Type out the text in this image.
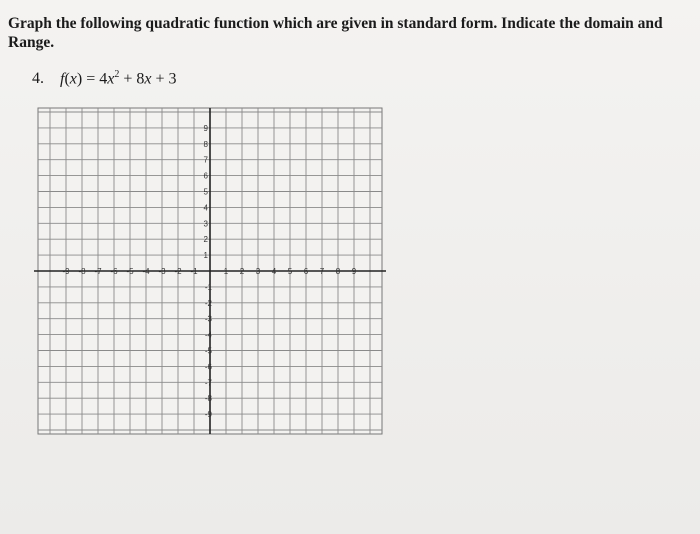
Graph the following quadratic function which are given in standard form. Indicate the domain and Range.
4. $f(x) = 4x^2 + 8x + 3$
-9 -8 -7 -6 -5 -4 -3 -2 -1	1 2 3 4 5 6 7 8 9
9
8
7
6
5
4
3
2
1
-1
-2
-3
-4
-5
-6
-7
-8
-9
